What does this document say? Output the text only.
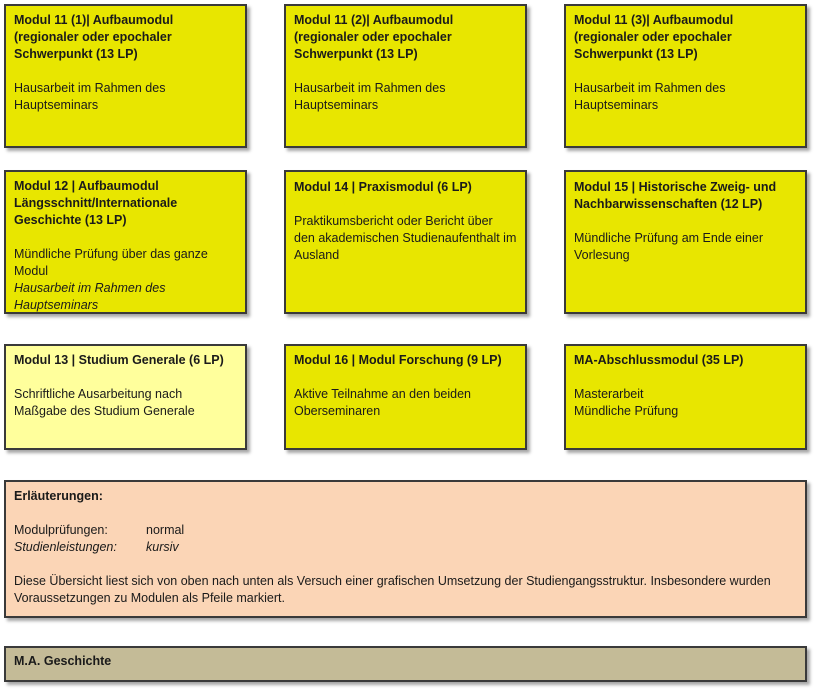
Modul 11 (1)| Aufbaumodul (regionaler oder epochaler Schwerpunkt (13 LP)
Hausarbeit im Rahmen des Hauptseminars
Modul 11 (2)| Aufbaumodul (regionaler oder epochaler Schwerpunkt (13 LP)
Hausarbeit im Rahmen des Hauptseminars
Modul 11 (3)| Aufbaumodul (regionaler oder epochaler Schwerpunkt (13 LP)
Hausarbeit im Rahmen des Hauptseminars
Modul 12 | Aufbaumodul Längsschnitt/Internationale Geschichte (13 LP)
Mündliche Prüfung über das ganze Modul
Hausarbeit im Rahmen des Hauptseminars
Modul 14 | Praxismodul (6 LP)
Praktikumsbericht oder Bericht über den akademischen Studienaufenthalt im Ausland
Modul 15 | Historische Zweig- und Nachbarwissenschaften (12 LP)
Mündliche Prüfung am Ende einer Vorlesung
Modul 13 | Studium Generale (6 LP)
Schriftliche Ausarbeitung nach Maßgabe des Studium Generale
Modul 16 | Modul Forschung (9 LP)
Aktive Teilnahme an den beiden Oberseminaren
MA-Abschlussmodul (35 LP)
Masterarbeit
Mündliche Prüfung
Erläuterungen:
Modulprüfungen:	normal
Studienleistungen: kursiv
Diese Übersicht liest sich von oben nach unten als Versuch einer grafischen Umsetzung der Studiengangsstruktur. Insbesondere wurden Voraussetzungen zu Modulen als Pfeile markiert.
M.A. Geschichte
